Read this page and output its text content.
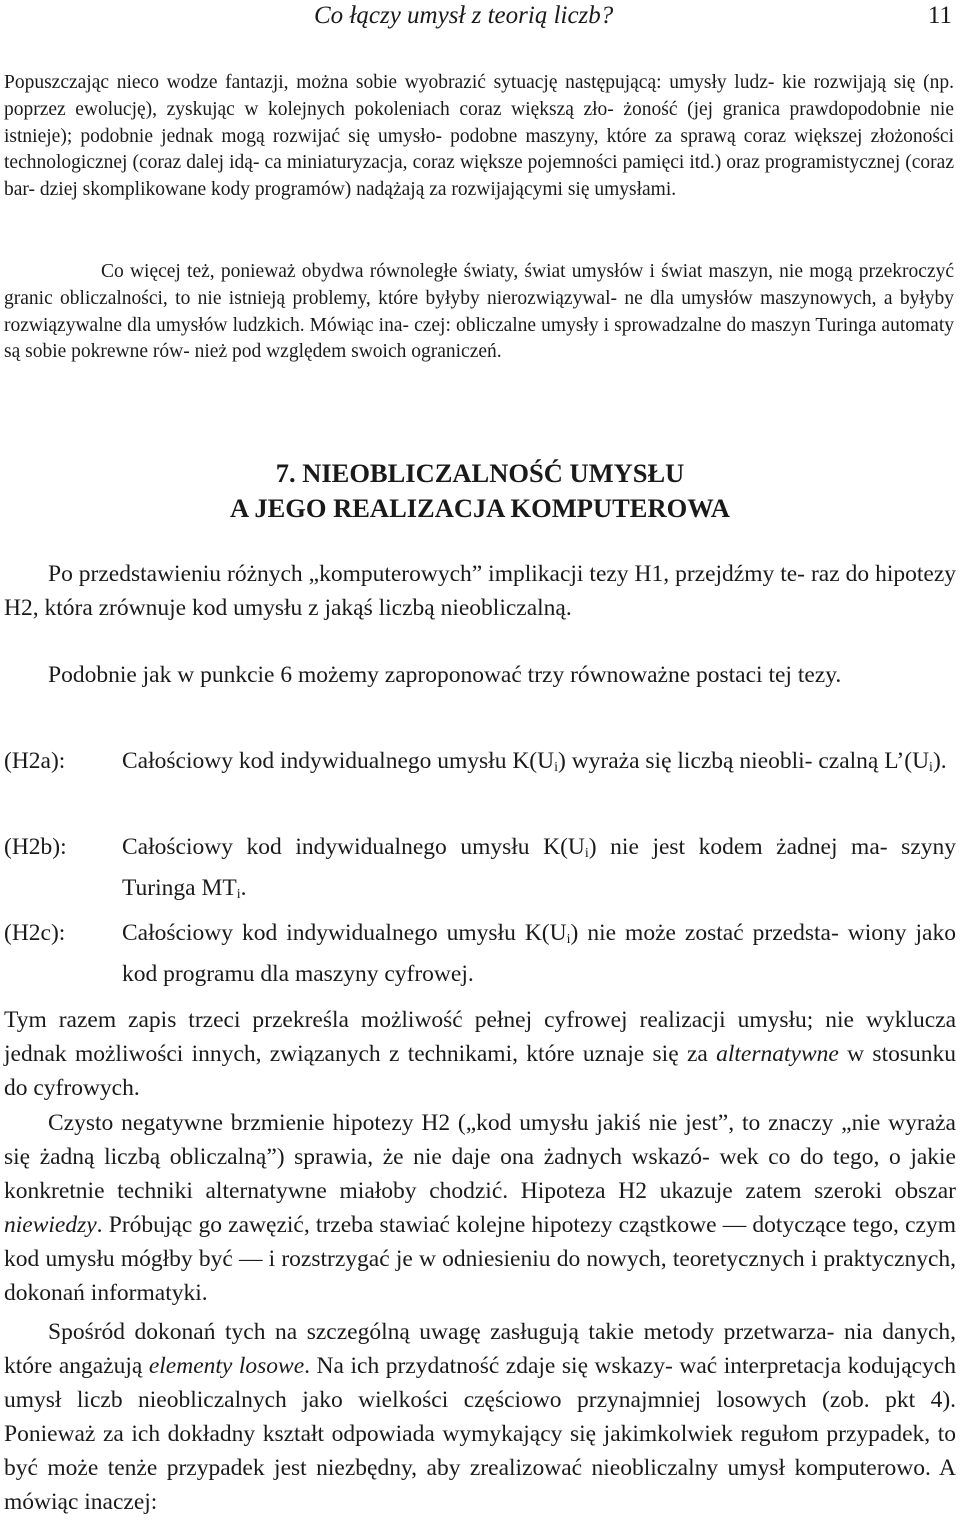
Co łączy umysł z teorią liczb?	11
Popuszczając nieco wodze fantazji, można sobie wyobrazić sytuację następującą: umysły ludz- kie rozwijają się (np. poprzez ewolucję), zyskując w kolejnych pokoleniach coraz większą zło- żoność (jej granica prawdopodobnie nie istnieje); podobnie jednak mogą rozwijać się umysło- podobne maszyny, które za sprawą coraz większej złożoności technologicznej (coraz dalej idą- ca miniaturyzacja, coraz większe pojemności pamięci itd.) oraz programistycznej (coraz bar- dziej skomplikowane kody programów) nadążają za rozwijającymi się umysłami.
Co więcej też, ponieważ obydwa równoległe światy, świat umysłów i świat maszyn, nie mogą przekroczyć granic obliczalności, to nie istnieją problemy, które byłyby nierozwiązywal- ne dla umysłów maszynowych, a byłyby rozwiązywalne dla umysłów ludzkich. Mówiąc ina- czej: obliczalne umysły i sprowadzalne do maszyn Turinga automaty są sobie pokrewne rów- nież pod względem swoich ograniczeń.
7. NIEOBLICZALNOŚĆ UMYSŁU
A JEGO REALIZACJA KOMPUTEROWA
Po przedstawieniu różnych „komputerowych” implikacji tezy H1, przejdźmy te- raz do hipotezy H2, która zrównuje kod umysłu z jakąś liczbą nieobliczalną.
Podobnie jak w punkcie 6 możemy zaproponować trzy równoważne postaci tej tezy.
(H2a): Całościowy kod indywidualnego umysłu $K(U_i)$ wyraża się liczbą nieobli- czalną $L’(U_i)$.
(H2b): Całościowy kod indywidualnego umysłu $K(U_i)$ nie jest kodem żadnej ma- szyny Turinga $MT_i$.
(H2c): Całościowy kod indywidualnego umysłu $K(U_i)$ nie może zostać przedsta- wiony jako kod programu dla maszyny cyfrowej.
Tym razem zapis trzeci przekreśla możliwość pełnej cyfrowej realizacji umysłu; nie wyklucza jednak możliwości innych, związanych z technikami, które uznaje się za alternatywne w stosunku do cyfrowych.
Czysto negatywne brzmienie hipotezy H2 („kod umysłu jakiś nie jest”, to znaczy „nie wyraża się żadną liczbą obliczalną”) sprawia, że nie daje ona żadnych wskazó- wek co do tego, o jakie konkretnie techniki alternatywne miałoby chodzić. Hipoteza H2 ukazuje zatem szeroki obszar niewiedzy. Próbując go zawęzić, trzeba stawiać kolejne hipotezy cząstkowe — dotyczące tego, czym kod umysłu mógłby być — i rozstrzygać je w odniesieniu do nowych, teoretycznych i praktycznych, dokonań informatyki.
Spośród dokonań tych na szczególną uwagę zasługują takie metody przetwarza- nia danych, które angażują elementy losowe. Na ich przydatność zdaje się wskazy- wać interpretacja kodujących umysł liczb nieobliczalnych jako wielkości częściowo przynajmniej losowych (zob. pkt 4). Ponieważ za ich dokładny kształt odpowiada wymykający się jakimkolwiek regułom przypadek, to być może tenże przypadek jest niezbędny, aby zrealizować nieobliczalny umysł komputerowo. A mówiąc inaczej:
